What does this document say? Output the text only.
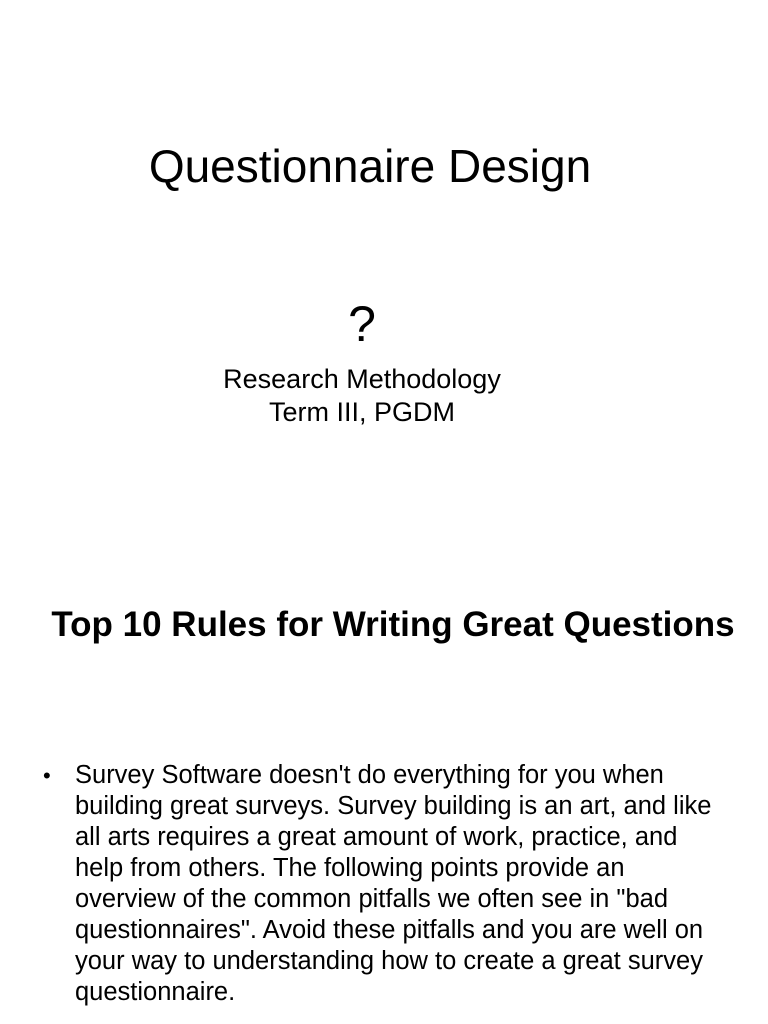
Questionnaire Design
?
Research Methodology
Term III, PGDM
Top 10 Rules for Writing Great Questions
• Survey Software doesn't do everything for you when building great surveys. Survey building is an art, and like all arts requires a great amount of work, practice, and help from others. The following points provide an overview of the common pitfalls we often see in "bad questionnaires". Avoid these pitfalls and you are well on your way to understanding how to create a great survey questionnaire.
